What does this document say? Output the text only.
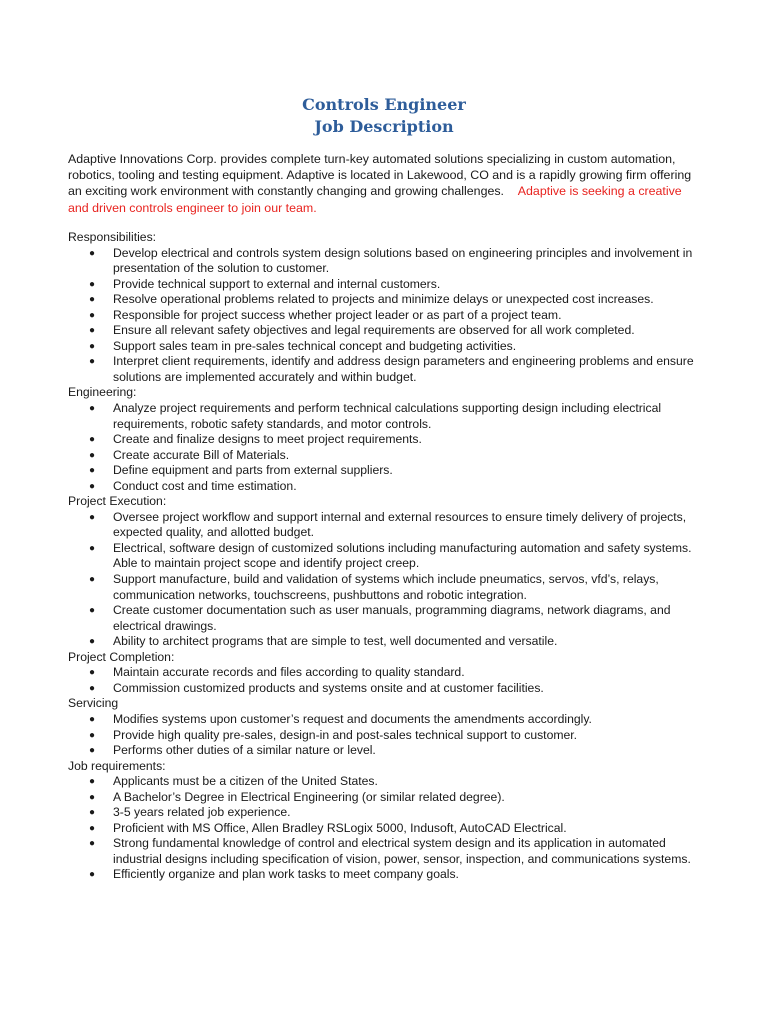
Controls Engineer
Job Description

Adaptive Innovations Corp. provides complete turn-key automated solutions specializing in custom automation, robotics, tooling and testing equipment. Adaptive is located in Lakewood, CO and is a rapidly growing firm offering an exciting work environment with constantly changing and growing challenges. Adaptive is seeking a creative and driven controls engineer to join our team.

Responsibilities:
● Develop electrical and controls system design solutions based on engineering principles and involvement in presentation of the solution to customer.
● Provide technical support to external and internal customers.
● Resolve operational problems related to projects and minimize delays or unexpected cost increases.
● Responsible for project success whether project leader or as part of a project team.
● Ensure all relevant safety objectives and legal requirements are observed for all work completed.
● Support sales team in pre-sales technical concept and budgeting activities.
● Interpret client requirements, identify and address design parameters and engineering problems and ensure solutions are implemented accurately and within budget.
Engineering:
● Analyze project requirements and perform technical calculations supporting design including electrical requirements, robotic safety standards, and motor controls.
● Create and finalize designs to meet project requirements.
● Create accurate Bill of Materials.
● Define equipment and parts from external suppliers.
● Conduct cost and time estimation.
Project Execution:
● Oversee project workflow and support internal and external resources to ensure timely delivery of projects, expected quality, and allotted budget.
● Electrical, software design of customized solutions including manufacturing automation and safety systems. Able to maintain project scope and identify project creep.
● Support manufacture, build and validation of systems which include pneumatics, servos, vfd’s, relays, communication networks, touchscreens, pushbuttons and robotic integration.
● Create customer documentation such as user manuals, programming diagrams, network diagrams, and electrical drawings.
● Ability to architect programs that are simple to test, well documented and versatile.
Project Completion:
● Maintain accurate records and files according to quality standard.
● Commission customized products and systems onsite and at customer facilities.
Servicing
● Modifies systems upon customer’s request and documents the amendments accordingly.
● Provide high quality pre-sales, design-in and post-sales technical support to customer.
● Performs other duties of a similar nature or level.
Job requirements:
● Applicants must be a citizen of the United States.
● A Bachelor’s Degree in Electrical Engineering (or similar related degree).
● 3-5 years related job experience.
● Proficient with MS Office, Allen Bradley RSLogix 5000, Indusoft, AutoCAD Electrical.
● Strong fundamental knowledge of control and electrical system design and its application in automated industrial designs including specification of vision, power, sensor, inspection, and communications systems.
● Efficiently organize and plan work tasks to meet company goals.
